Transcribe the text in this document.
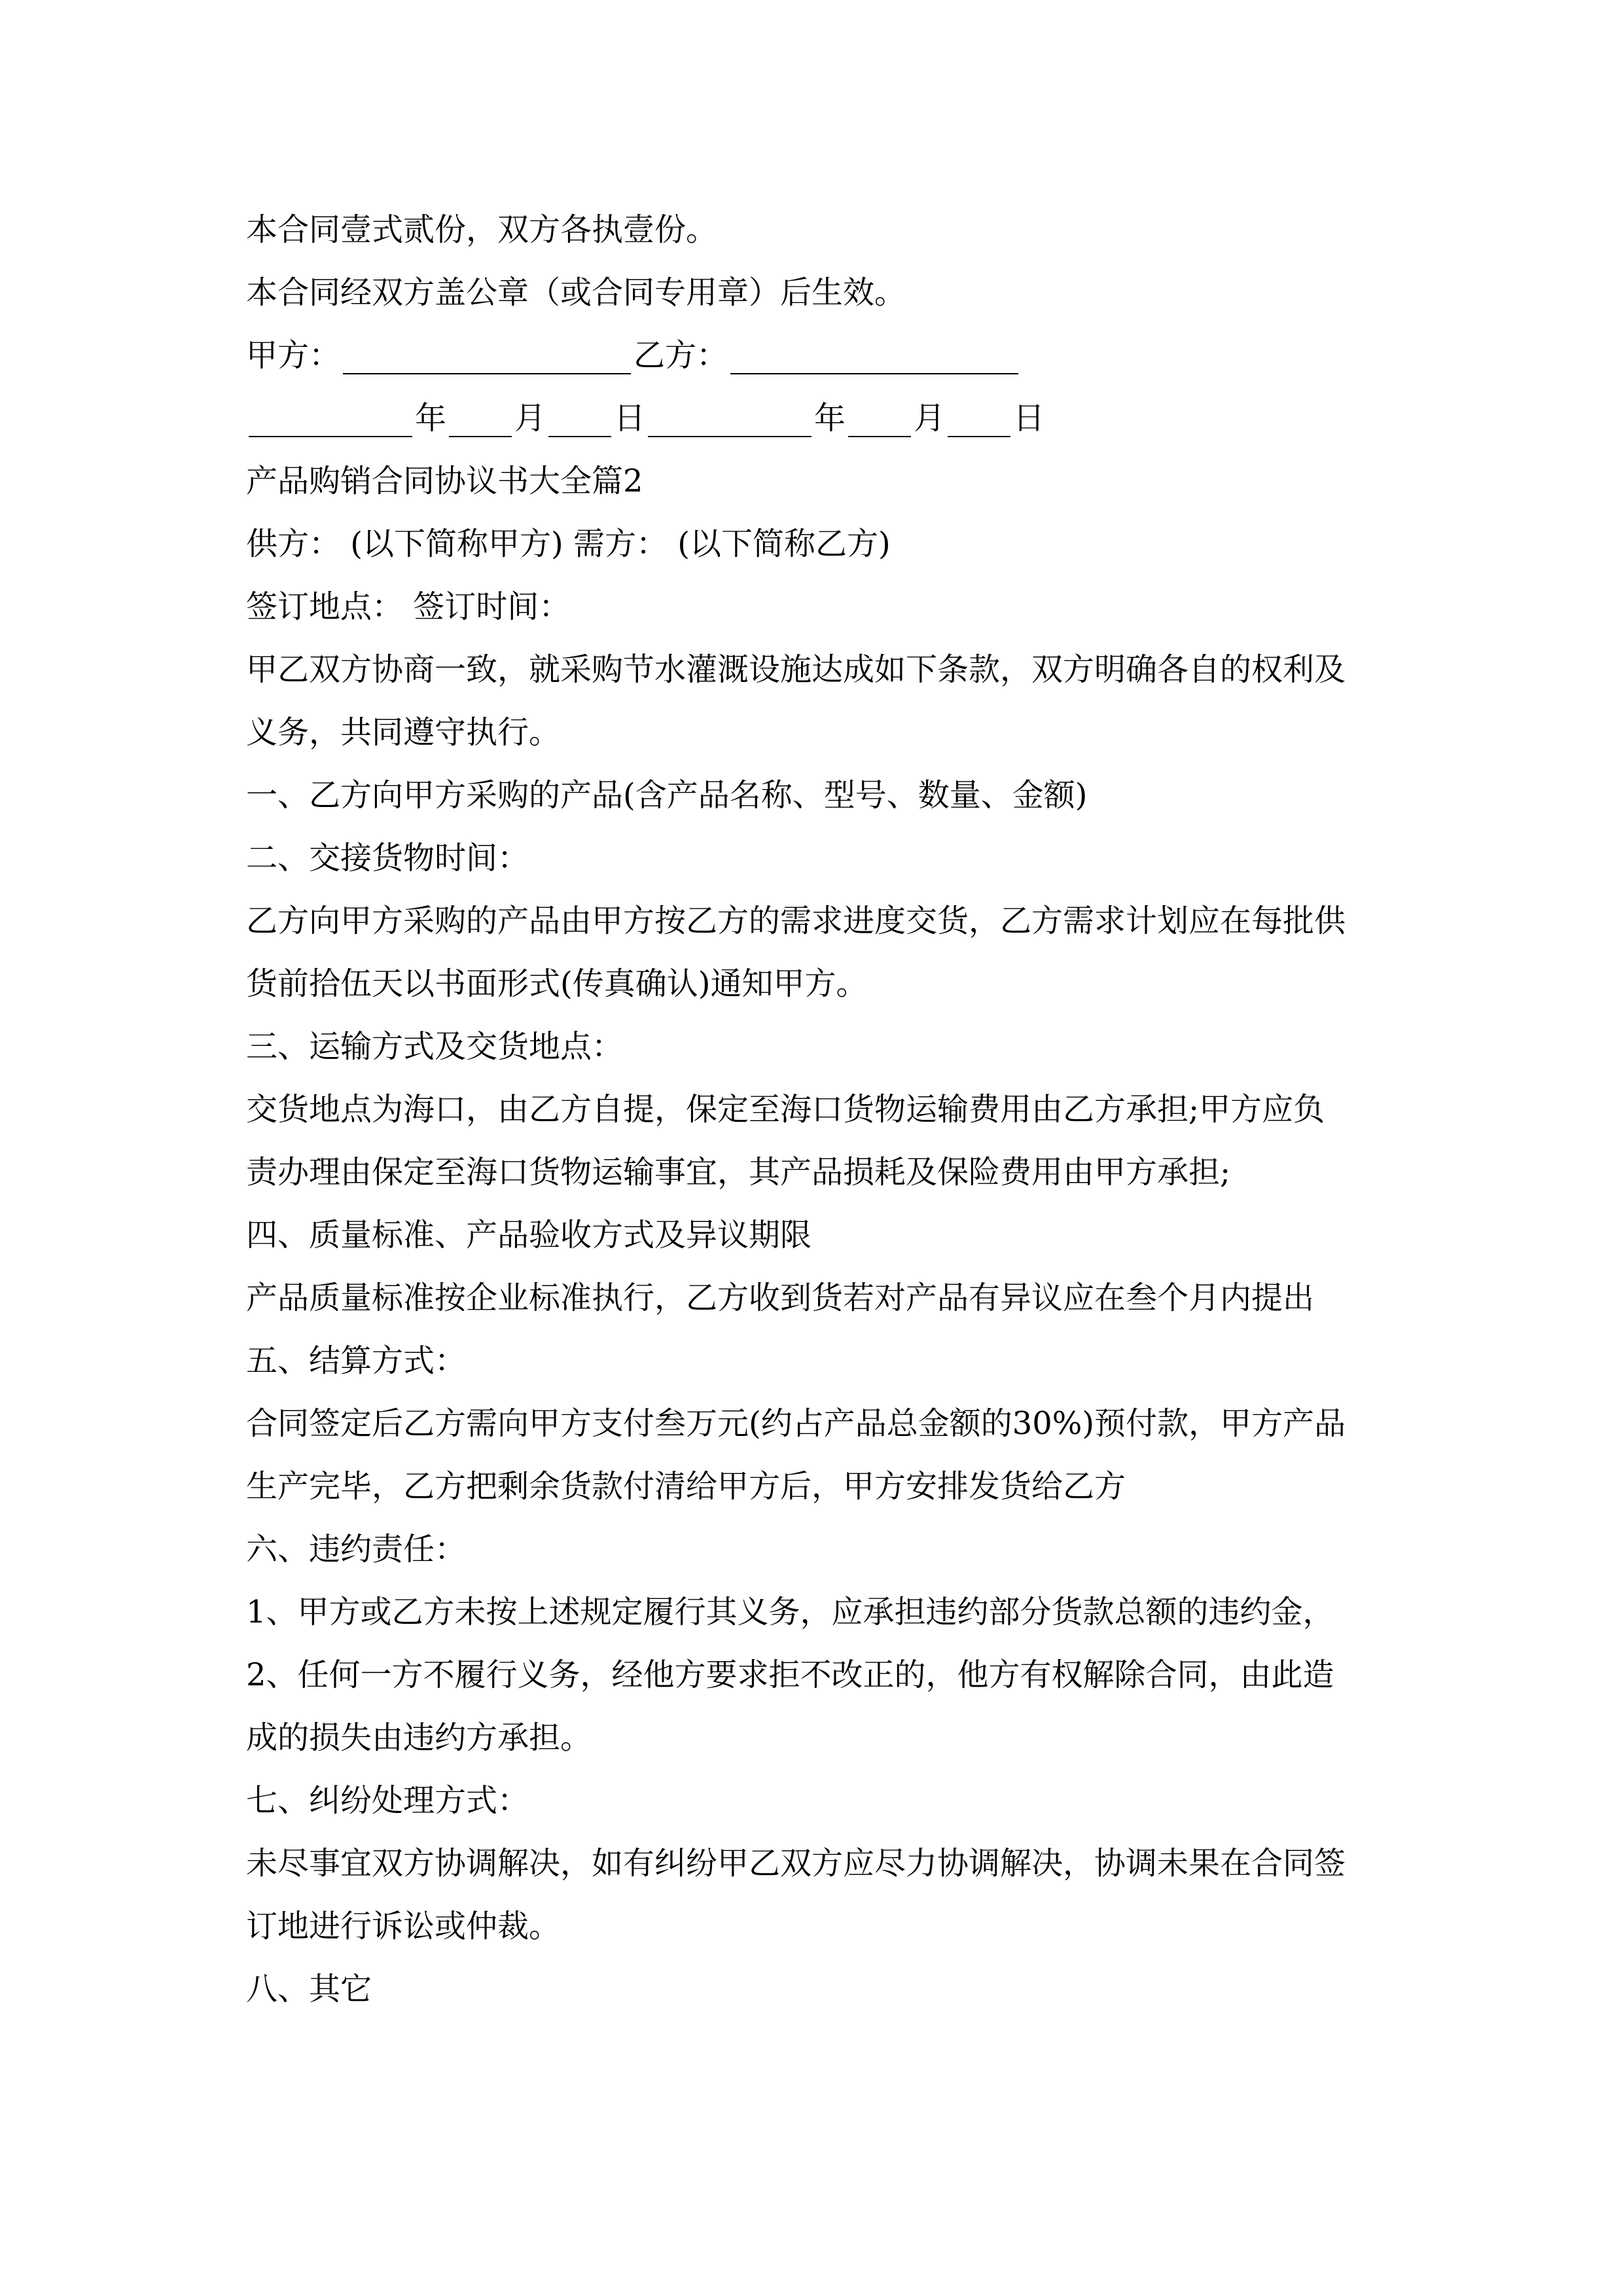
本合同壹式贰份，双方各执壹份。

本合同经双方盖公章（或合同专用章）后生效。

甲方：	乙方：

年 月 日	年 月 日

产品购销合同协议书大全篇2

供方： (以下简称甲方) 需方： (以下简称乙方)

签订地点： 签订时间：

甲乙双方协商一致，就采购节水灌溉设施达成如下条款，双方明确各自的权利及

义务，共同遵守执行。

一、乙方向甲方采购的产品(含产品名称、型号、数量、金额)

二、交接货物时间：

乙方向甲方采购的产品由甲方按乙方的需求进度交货，乙方需求计划应在每批供

货前拾伍天以书面形式(传真确认)通知甲方。

三、运输方式及交货地点：

交货地点为海口，由乙方自提，保定至海口货物运输费用由乙方承担;甲方应负

责办理由保定至海口货物运输事宜，其产品损耗及保险费用由甲方承担;

四、质量标准、产品验收方式及异议期限

产品质量标准按企业标准执行，乙方收到货若对产品有异议应在叁个月内提出

五、结算方式：

合同签定后乙方需向甲方支付叁万元(约占产品总金额的30%)预付款，甲方产品

生产完毕，乙方把剩余货款付清给甲方后，甲方安排发货给乙方

六、违约责任：

1、甲方或乙方未按上述规定履行其义务，应承担违约部分货款总额的违约金，

2、任何一方不履行义务，经他方要求拒不改正的，他方有权解除合同，由此造

成的损失由违约方承担。

七、纠纷处理方式：

未尽事宜双方协调解决，如有纠纷甲乙双方应尽力协调解决，协调未果在合同签

订地进行诉讼或仲裁。

八、其它
